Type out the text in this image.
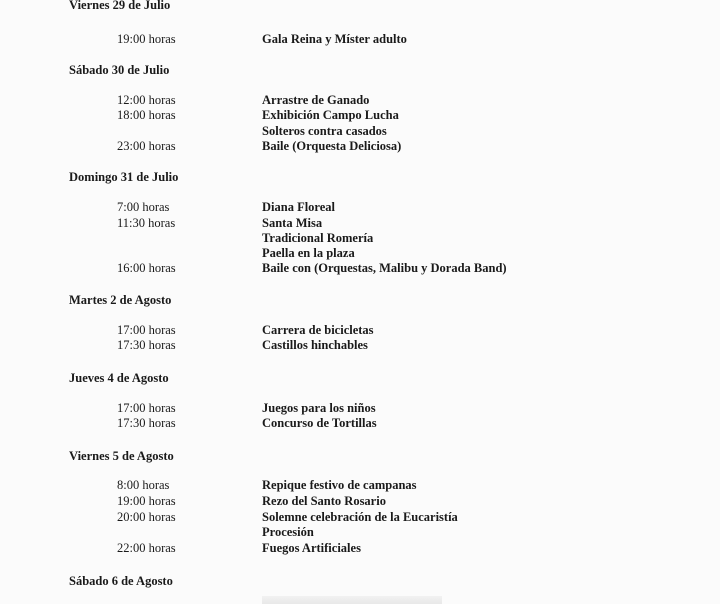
Viernes 29 de Julio
19:00 horas	Gala Reina y Míster adulto
Sábado 30 de Julio
12:00 horas	Arrastre de Ganado
18:00 horas	Exhibición Campo Lucha
Solteros contra casados
23:00 horas	Baile (Orquesta Deliciosa)
Domingo 31 de Julio
7:00 horas	Diana Floreal
11:30 horas	Santa Misa
Tradicional Romería
Paella en la plaza
16:00 horas	Baile con (Orquestas, Malibu y Dorada Band)
Martes 2 de Agosto
17:00 horas	Carrera de bicicletas
17:30 horas	Castillos hinchables
Jueves 4 de Agosto
17:00 horas	Juegos para los niños
17:30 horas	Concurso de Tortillas
Viernes 5 de Agosto
8:00 horas	Repique festivo de campanas
19:00 horas	Rezo del Santo Rosario
20:00 horas	Solemne celebración de la Eucaristía
Procesión
22:00 horas	Fuegos Artificiales
Sábado 6 de Agosto
